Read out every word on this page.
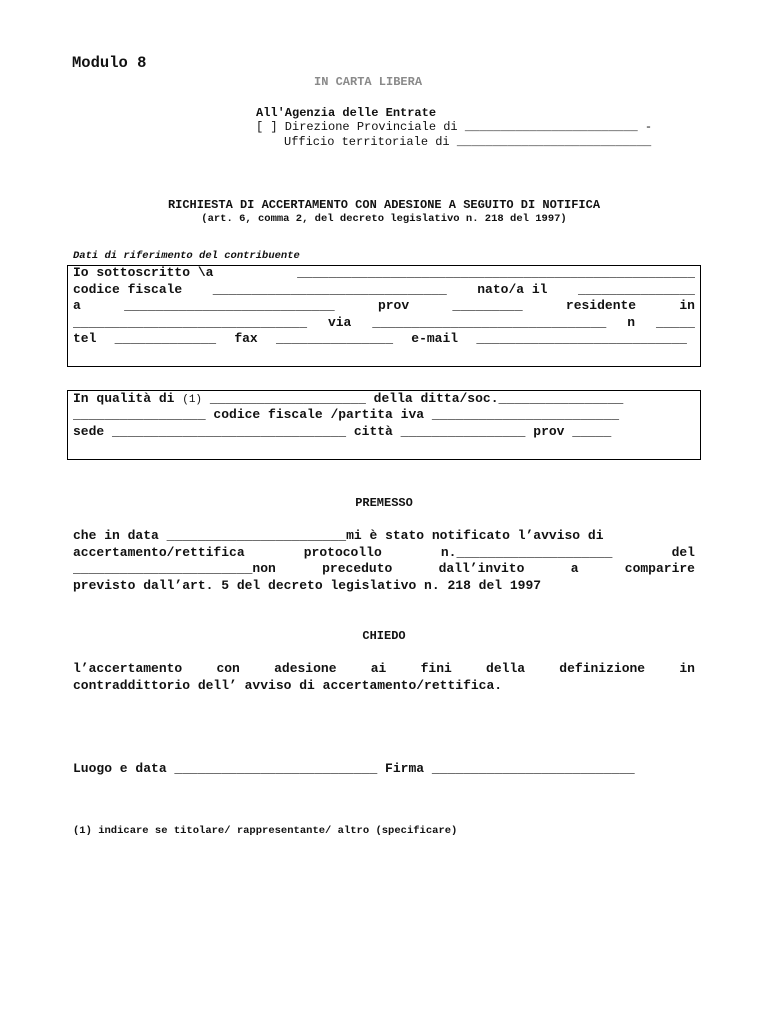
Modulo 8
IN CARTA LIBERA
All'Agenzia delle Entrate
[ ] Direzione Provinciale di ________________________ -
Ufficio territoriale di ___________________________
RICHIESTA DI ACCERTAMENTO CON ADESIONE A SEGUITO DI NOTIFICA
(art. 6, comma 2, del decreto legislativo n. 218 del 1997)
Dati di riferimento del contribuente
Io sottoscritto \a	___________________________________________________
codice fiscale ______________________________ nato/a il _______________
a	___________________________	prov	_________	residente	in
______________________________ via ______________________________ n _____
tel _____________ fax _______________ e-mail ___________________________
In qualità di (1) ____________________ della ditta/soc.________________
_________________ codice fiscale /partita iva ________________________
sede ______________________________ città ________________ prov _____
PREMESSO
che in data _______________________mi è stato notificato l’avviso di
accertamento/rettifica	protocollo	n.____________________	del
_______________________non	preceduto	dall’invito	a	comparire
previsto dall’art. 5 del decreto legislativo n. 218 del 1997
CHIEDO
l’accertamento	con	adesione	ai	fini	della	definizione	in
contraddittorio dell’ avviso di accertamento/rettifica.
Luogo e data __________________________ Firma __________________________
(1) indicare se titolare/ rappresentante/ altro (specificare)
